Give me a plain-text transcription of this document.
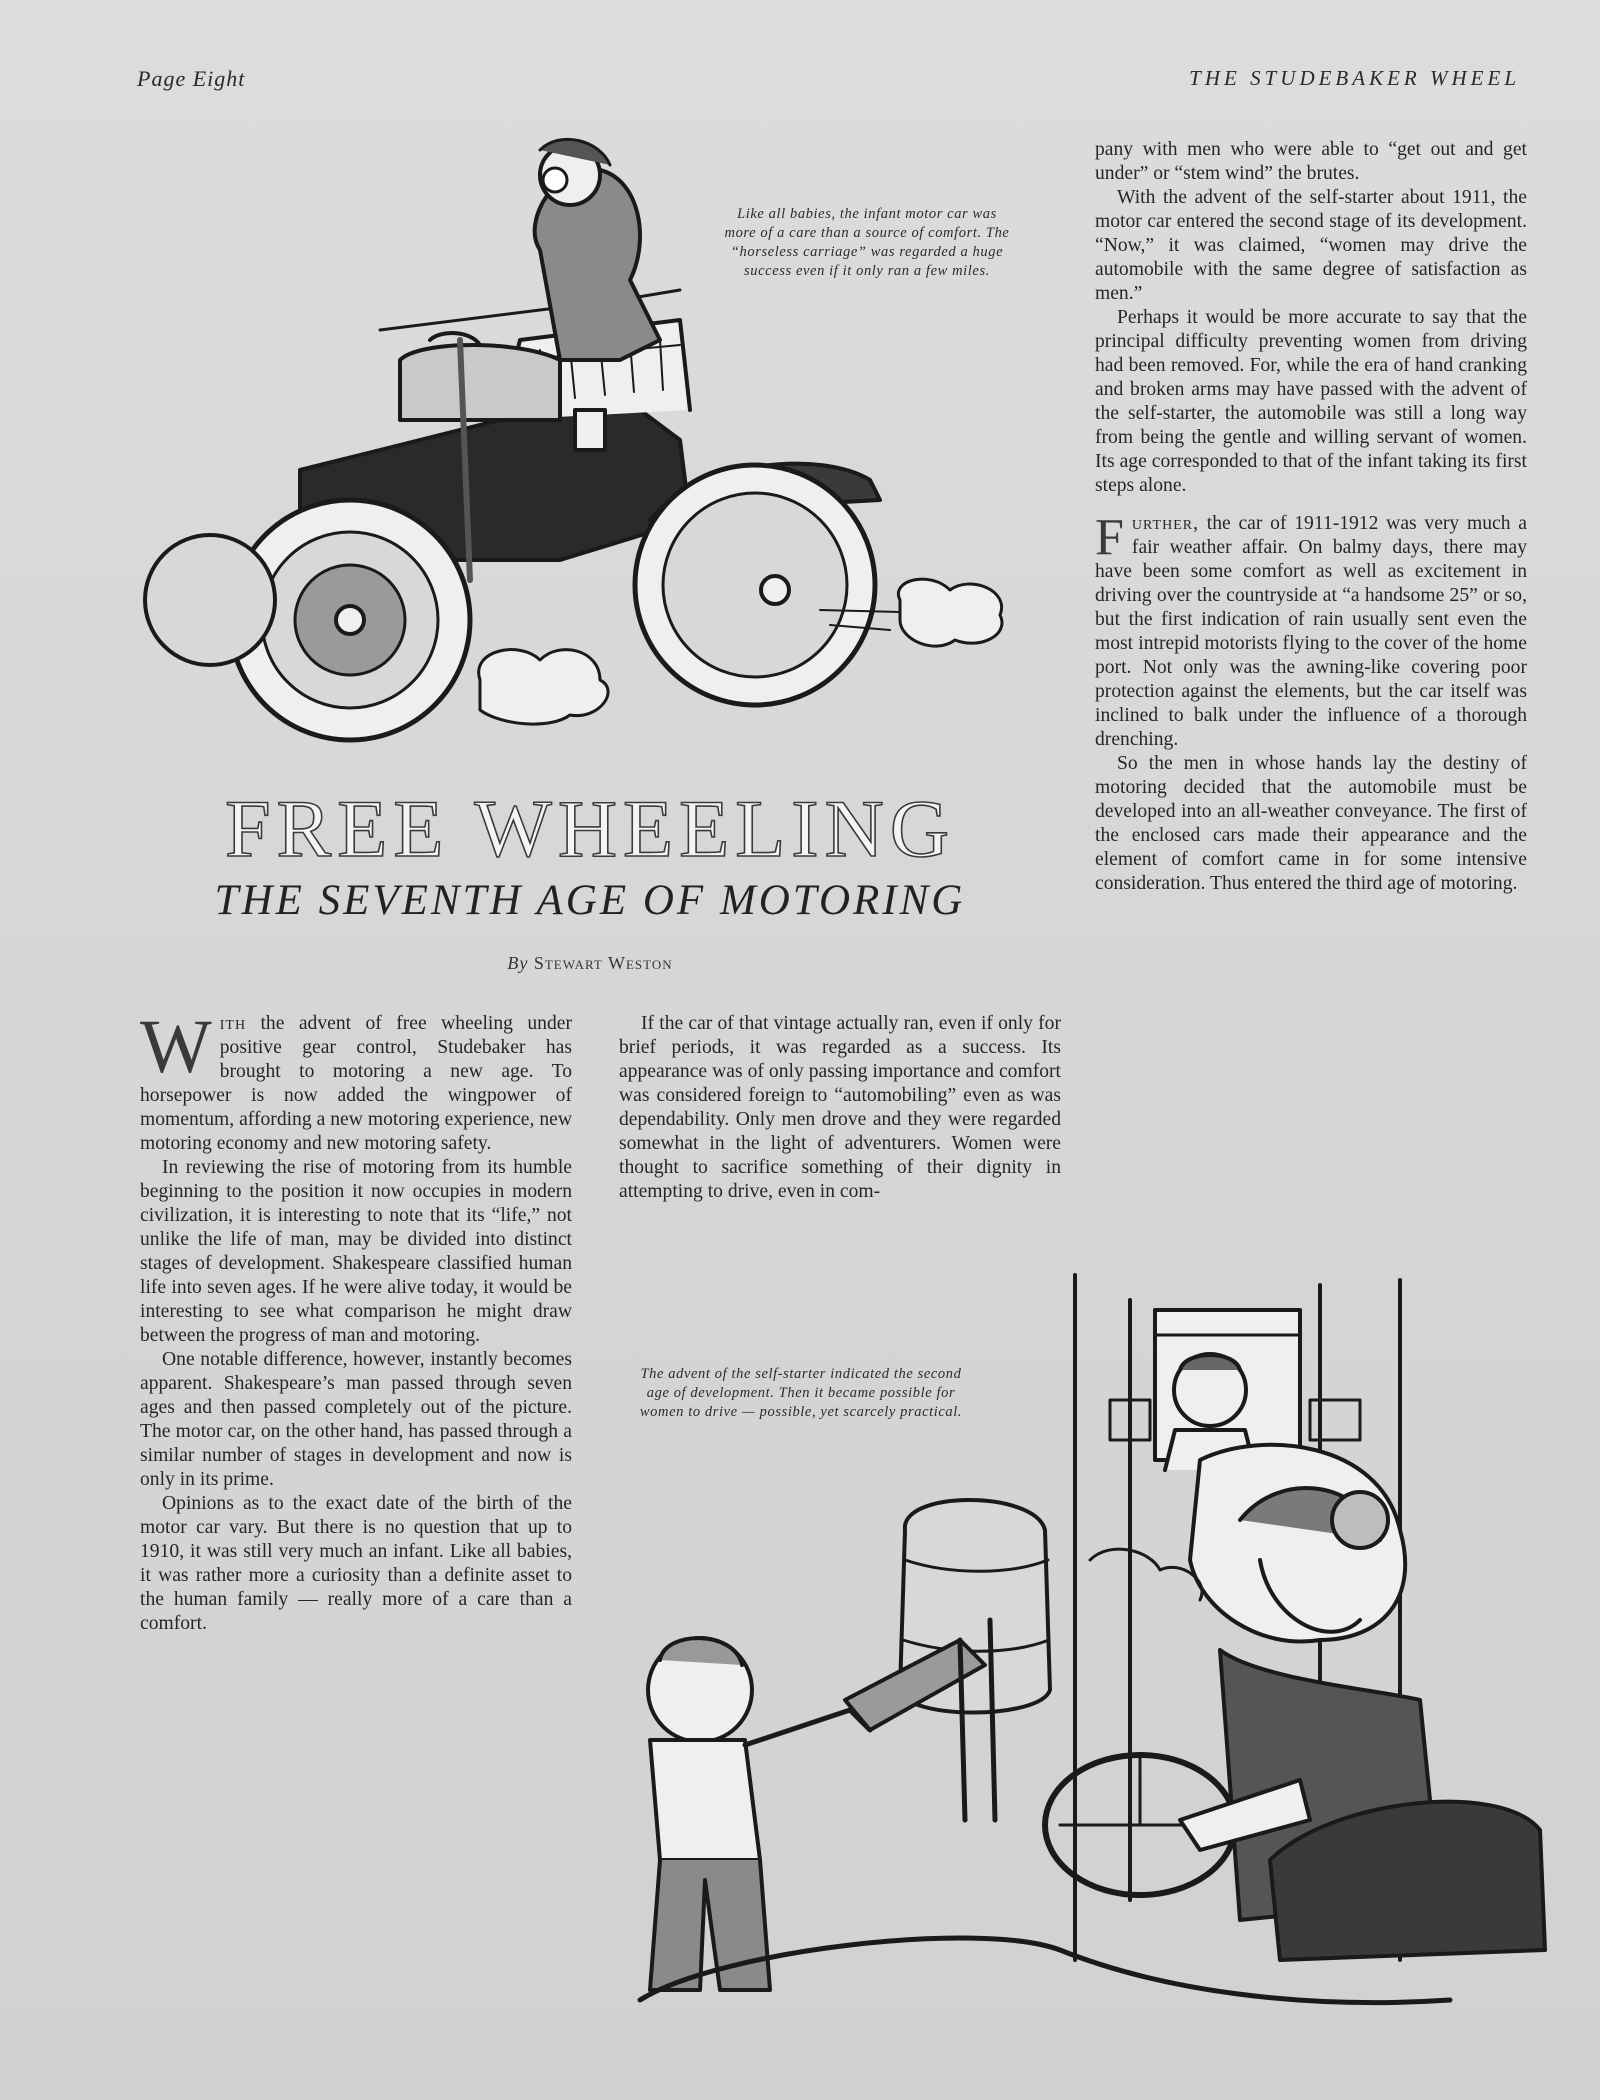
Page Eight	THE STUDEBAKER WHEEL

Like all babies, the infant motor car was more of a care than a source of comfort. The “horseless carriage” was regarded a huge success even if it only ran a few miles.

FREE WHEELING
THE SEVENTH AGE OF MOTORING

By Stewart Weston

With the advent of free wheeling under positive gear control, Studebaker has brought to motoring a new age. To horsepower is now added the wingpower of momentum, affording a new motoring experience, new motoring economy and new motoring safety.

In reviewing the rise of motoring from its humble beginning to the position it now occupies in modern civilization, it is interesting to note that its “life,” not unlike the life of man, may be divided into distinct stages of development. Shakespeare classified human life into seven ages. If he were alive today, it would be interesting to see what comparison he might draw between the progress of man and motoring.

One notable difference, however, instantly becomes apparent. Shakespeare’s man passed through seven ages and then passed completely out of the picture. The motor car, on the other hand, has passed through a similar number of stages in development and now is only in its prime.

Opinions as to the exact date of the birth of the motor car vary. But there is no question that up to 1910, it was still very much an infant. Like all babies, it was rather more a curiosity than a definite asset to the human family — really more of a care than a comfort.

If the car of that vintage actually ran, even if only for brief periods, it was regarded as a success. Its appearance was of only passing importance and comfort was considered foreign to “automobiling” even as was dependability. Only men drove and they were regarded somewhat in the light of adventurers. Women were thought to sacrifice something of their dignity in attempting to drive, even in com-

pany with men who were able to “get out and get under” or “stem wind” the brutes.

With the advent of the self-starter about 1911, the motor car entered the second stage of its development. “Now,” it was claimed, “women may drive the automobile with the same degree of satisfaction as men.”

Perhaps it would be more accurate to say that the principal difficulty preventing women from driving had been removed. For, while the era of hand cranking and broken arms may have passed with the advent of the self-starter, the automobile was still a long way from being the gentle and willing servant of women. Its age corresponded to that of the infant taking its first steps alone.

Further, the car of 1911-1912 was very much a fair weather affair. On balmy days, there may have been some comfort as well as excitement in driving over the countryside at “a handsome 25” or so, but the first indication of rain usually sent even the most intrepid motorists flying to the cover of the home port. Not only was the awning-like covering poor protection against the elements, but the car itself was inclined to balk under the influence of a thorough drenching.

So the men in whose hands lay the destiny of motoring decided that the automobile must be developed into an all-weather conveyance. The first of the enclosed cars made their appearance and the element of comfort came in for some intensive consideration. Thus entered the third age of motoring.

The advent of the self-starter indicated the second age of development. Then it became possible for women to drive — possible, yet scarcely practical.
